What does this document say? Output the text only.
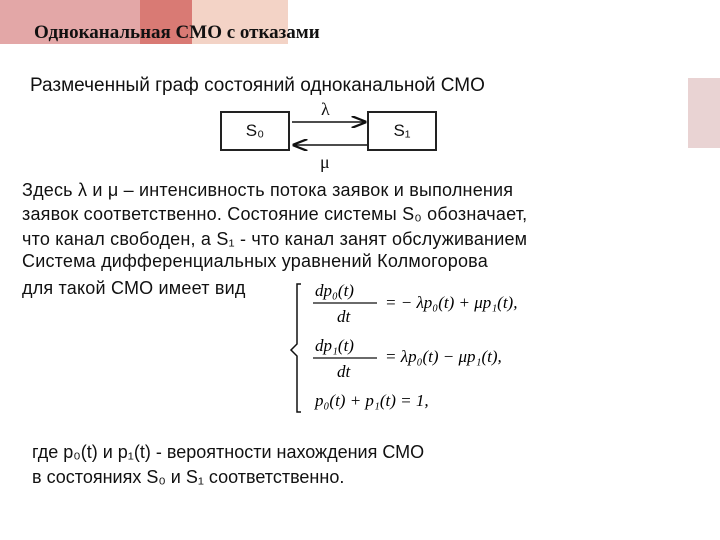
Одноканальная СМО с отказами
Размеченный граф состояний одноканальной СМО
S₀	S₁
λ
μ
Здесь λ и μ – интенсивность потока заявок и выполнения
заявок соответственно. Состояние системы S₀ обозначает,
что канал свободен, а S₁ - что канал занят обслуживанием
Система дифференциальных уравнений Колмогорова
для такой СМО имеет вид	dp₀(t)
dt
= − λp₀(t) + μp₁(t),
dp₁(t)
dt
= λp₀(t) − μp₁(t),
p₀(t) + p₁(t) = 1,
где p₀(t) и p₁(t) - вероятности нахождения СМО
в состояниях S₀ и S₁ соответственно.
